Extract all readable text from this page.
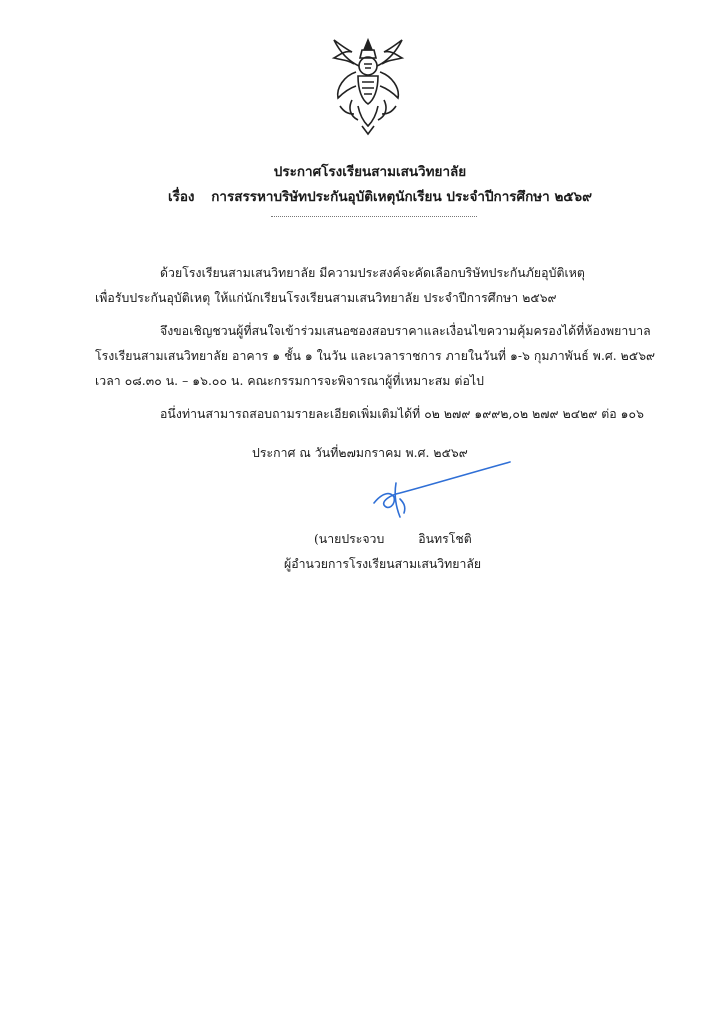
ประกาศโรงเรียนสามเสนวิทยาลัย
เรื่อง การสรรหาบริษัทประกันอุบัติเหตุนักเรียน ประจำปีการศึกษา ๒๕๖๙
ด้วยโรงเรียนสามเสนวิทยาลัย มีความประสงค์จะคัดเลือกบริษัทประกันภัยอุบัติเหตุ
เพื่อรับประกันอุบัติเหตุ ให้แก่นักเรียนโรงเรียนสามเสนวิทยาลัย ประจำปีการศึกษา ๒๕๖๙
จึงขอเชิญชวนผู้ที่สนใจเข้าร่วมเสนอซองสอบราคาและเงื่อนไขความคุ้มครองได้ที่ห้องพยาบาล
โรงเรียนสามเสนวิทยาลัย อาคาร ๑ ชั้น ๑ ในวัน และเวลาราชการ ภายในวันที่ ๑-๖ กุมภาพันธ์ พ.ศ. ๒๕๖๙
เวลา ๐๘.๓๐ น. – ๑๖.๐๐ น. คณะกรรมการจะพิจารณาผู้ที่เหมาะสม ต่อไป
อนึ่งท่านสามารถสอบถามรายละเอียดเพิ่มเติมได้ที่ ๐๒ ๒๗๙ ๑๙๙๒,๐๒ ๒๗๙ ๒๔๒๙ ต่อ ๑๐๖
ประกาศ ณ วันที่๒๗มกราคม พ.ศ. ๒๕๖๙
(นายประจวบ	อินทรโชติ
ผู้อำนวยการโรงเรียนสามเสนวิทยาลัย
